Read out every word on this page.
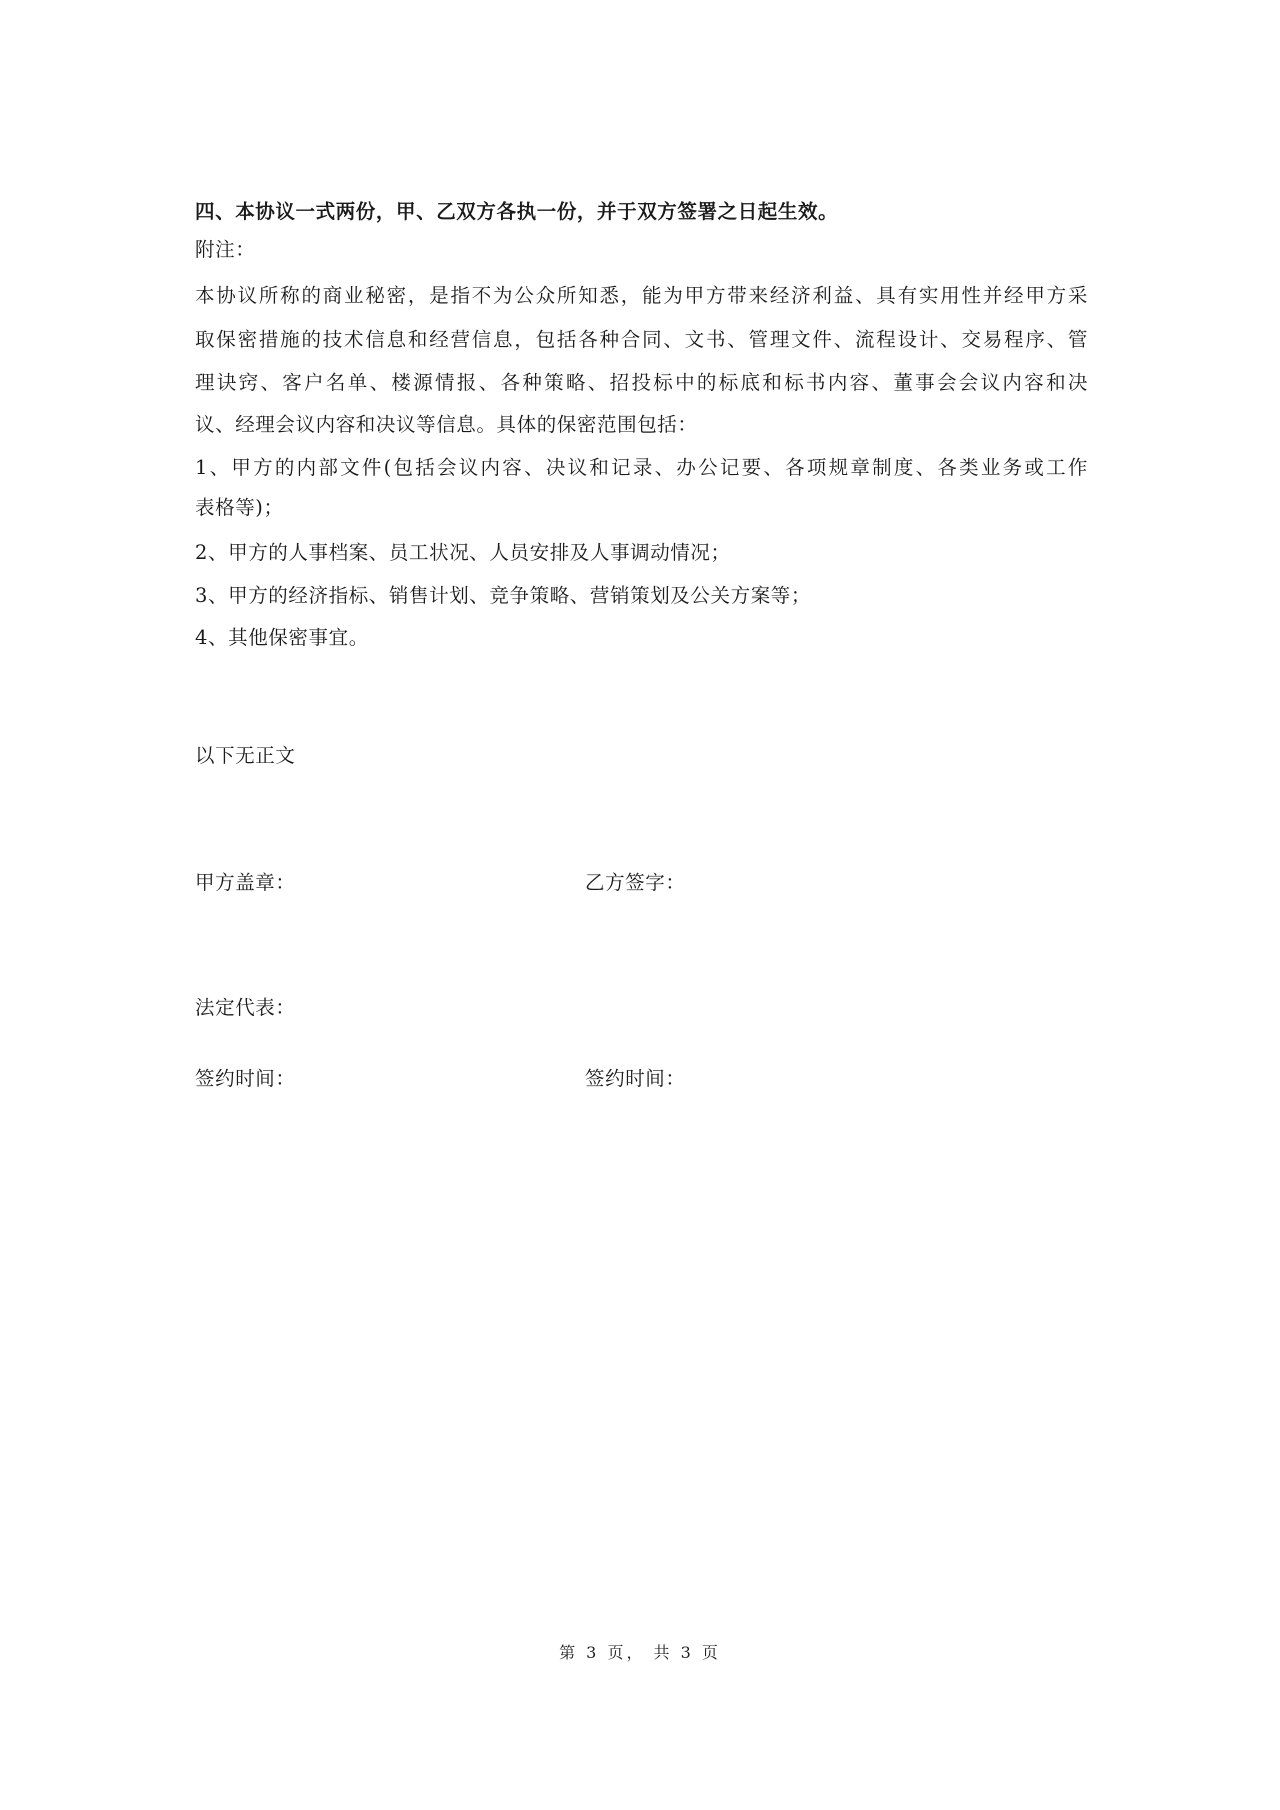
四、本协议一式两份，甲、乙双方各执一份，并于双方签署之日起生效。
附注：
本协议所称的商业秘密，是指不为公众所知悉，能为甲方带来经济利益、具有实用性并经甲方采
取保密措施的技术信息和经营信息，包括各种合同、文书、管理文件、流程设计、交易程序、管
理诀窍、客户名单、楼源情报、各种策略、招投标中的标底和标书内容、董事会会议内容和决
议、经理会议内容和决议等信息。具体的保密范围包括：
1、甲方的内部文件(包括会议内容、决议和记录、办公记要、各项规章制度、各类业务或工作
表格等)；
2、甲方的人事档案、员工状况、人员安排及人事调动情况；
3、甲方的经济指标、销售计划、竞争策略、营销策划及公关方案等；
4、其他保密事宜。
以下无正文
甲方盖章：	乙方签字：
法定代表：
签约时间：	签约时间：
第 3 页， 共 3 页
